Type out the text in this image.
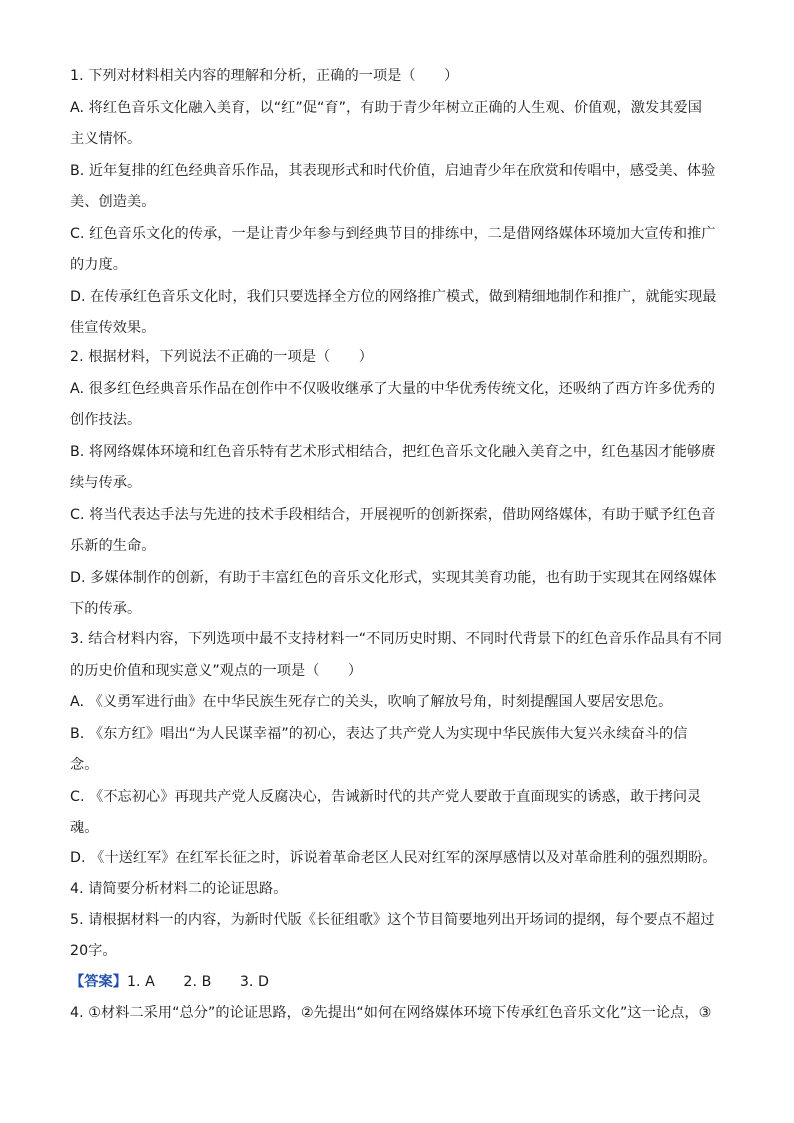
1. 下列对材料相关内容的理解和分析，正确的一项是（　　）
A. 将红色音乐文化融入美育，以“红”促“育”，有助于青少年树立正确的人生观、价值观，激发其爱国
主义情怀。
B. 近年复排的红色经典音乐作品，其表现形式和时代价值，启迪青少年在欣赏和传唱中，感受美、体验
美、创造美。
C. 红色音乐文化的传承，一是让青少年参与到经典节目的排练中，二是借网络媒体环境加大宣传和推广
的力度。
D. 在传承红色音乐文化时，我们只要选择全方位的网络推广模式，做到精细地制作和推广，就能实现最
佳宣传效果。
2. 根据材料，下列说法不正确的一项是（　　）
A. 很多红色经典音乐作品在创作中不仅吸收继承了大量的中华优秀传统文化，还吸纳了西方许多优秀的
创作技法。
B. 将网络媒体环境和红色音乐特有艺术形式相结合，把红色音乐文化融入美育之中，红色基因才能够赓
续与传承。
C. 将当代表达手法与先进的技术手段相结合，开展视听的创新探索，借助网络媒体，有助于赋予红色音
乐新的生命。
D. 多媒体制作的创新，有助于丰富红色的音乐文化形式，实现其美育功能，也有助于实现其在网络媒体
下的传承。
3. 结合材料内容，下列选项中最不支持材料一“不同历史时期、不同时代背景下的红色音乐作品具有不同
的历史价值和现实意义”观点的一项是（　　）
A. 《义勇军进行曲》在中华民族生死存亡的关头，吹响了解放号角，时刻提醒国人要居安思危。
B. 《东方红》唱出“为人民谋幸福”的初心，表达了共产党人为实现中华民族伟大复兴永续奋斗的信
念。
C. 《不忘初心》再现共产党人反腐决心，告诫新时代的共产党人要敢于直面现实的诱惑，敢于拷问灵
魂。
D. 《十送红军》在红军长征之时，诉说着革命老区人民对红军的深厚感情以及对革命胜利的强烈期盼。
4. 请简要分析材料二的论证思路。
5. 请根据材料一的内容，为新时代版《长征组歌》这个节目简要地列出开场词的提纲，每个要点不超过
20字。
【答案】1. A　　2. B　　3. D
4. ①材料二采用“总分”的论证思路，②先提出“如何在网络媒体环境下传承红色音乐文化”这一论点，③
